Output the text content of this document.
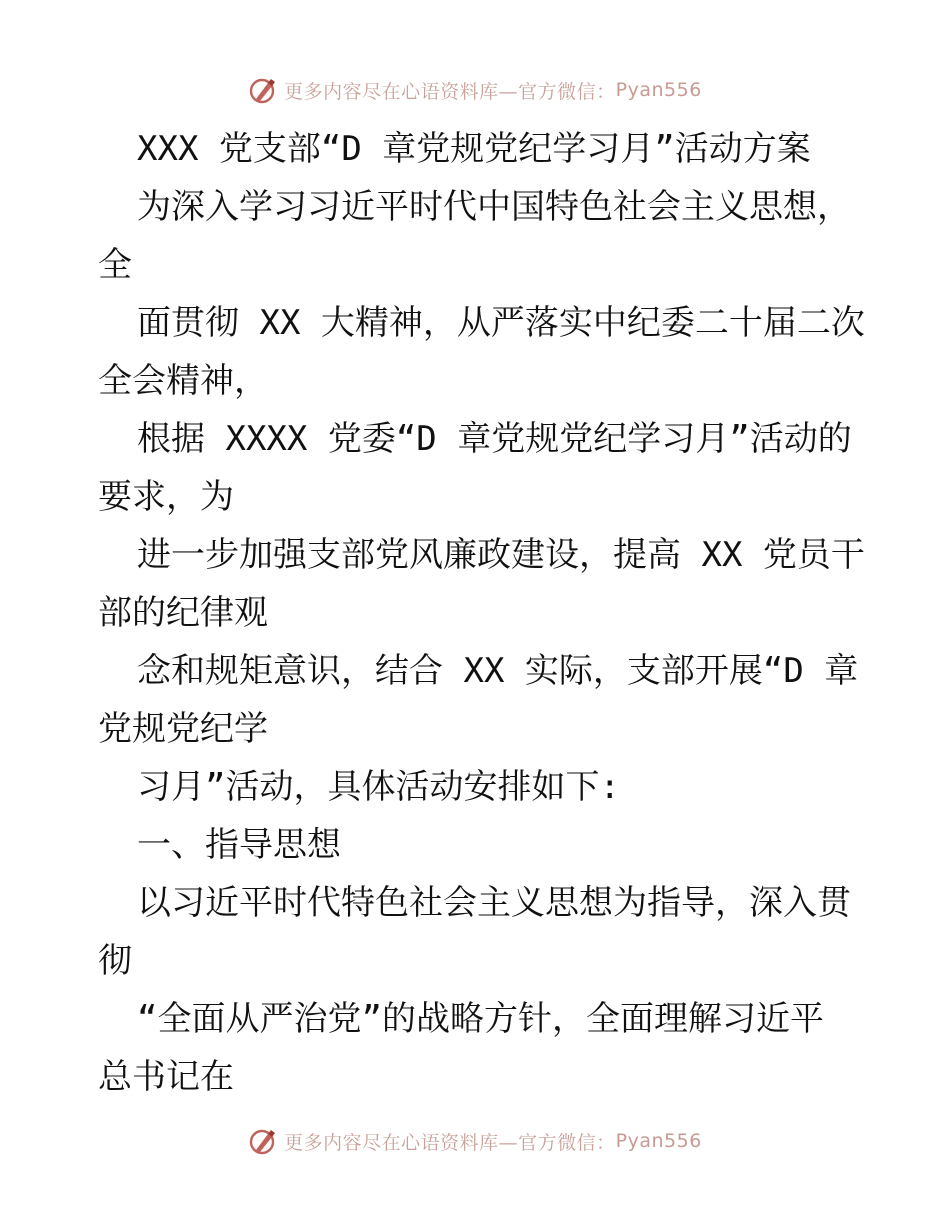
更多内容尽在心语资料库—官方微信： Pyan556
XXX 党支部“D 章党规党纪学习月”活动方案
为深入学习习近平时代中国特色社会主义思想，
全
面贯彻 XX 大精神，从严落实中纪委二十届二次
全会精神，
根据 XXXX 党委“D 章党规党纪学习月”活动的
要求，为
进一步加强支部党风廉政建设，提高 XX 党员干
部的纪律观
念和规矩意识，结合 XX 实际，支部开展“D 章
党规党纪学
习月”活动，具体活动安排如下:
一、指导思想
以习近平时代特色社会主义思想为指导，深入贯
彻
“全面从严治党”的战略方针，全面理解习近平
总书记在
更多内容尽在心语资料库—官方微信： Pyan556
